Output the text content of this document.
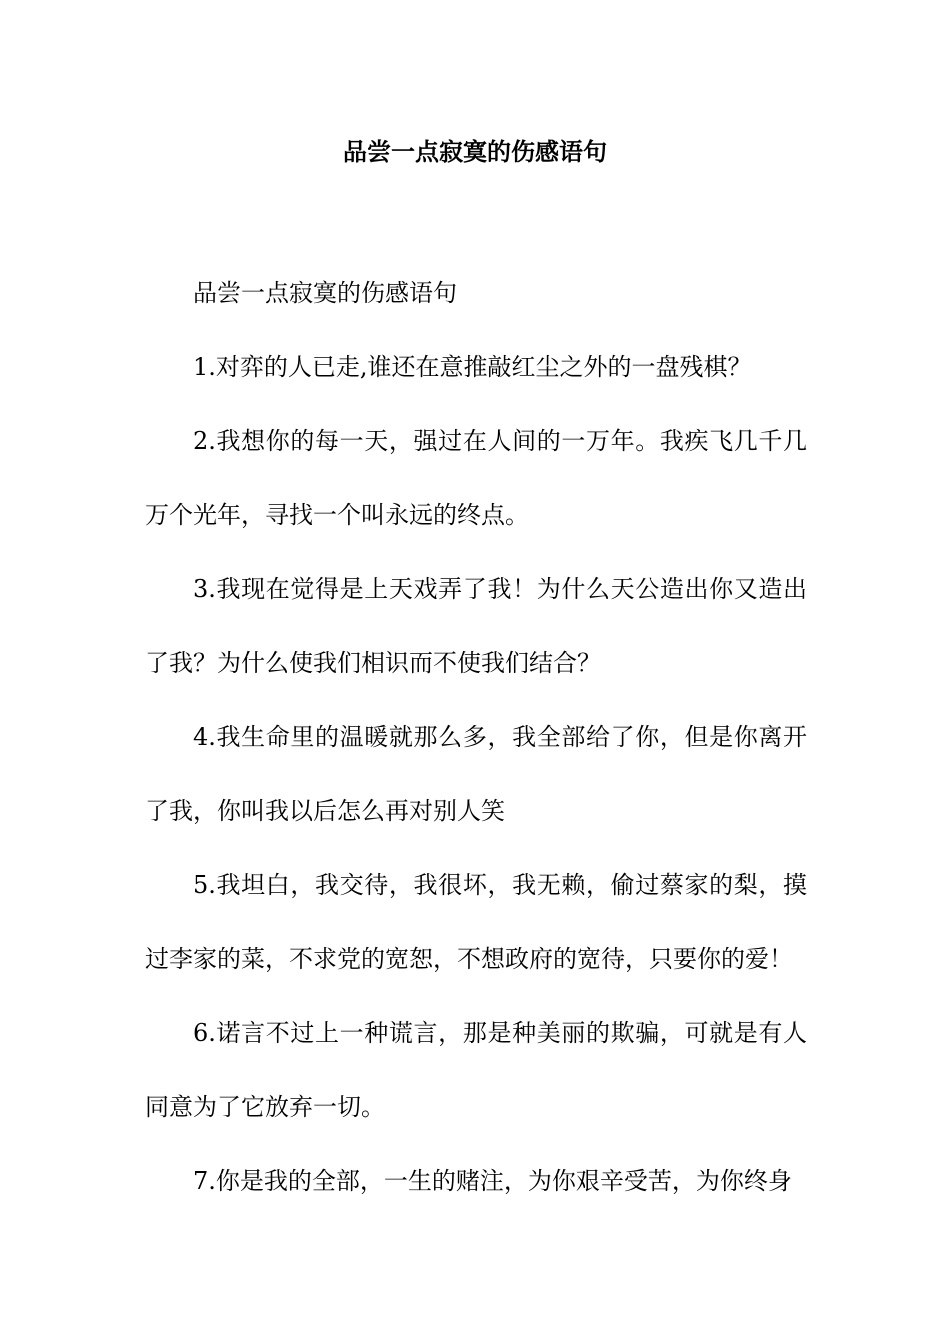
品尝一点寂寞的伤感语句

品尝一点寂寞的伤感语句

1.对弈的人已走,谁还在意推敲红尘之外的一盘残棋？

2.我想你的每一天，强过在人间的一万年。我疾飞几千几万个光年，寻找一个叫永远的终点。

3.我现在觉得是上天戏弄了我！为什么天公造出你又造出了我？为什么使我们相识而不使我们结合？

4.我生命里的温暖就那么多，我全部给了你，但是你离开了我，你叫我以后怎么再对别人笑

5.我坦白，我交待，我很坏，我无赖，偷过蔡家的梨，摸过李家的菜，不求党的宽恕，不想政府的宽待，只要你的爱！

6.诺言不过上一种谎言，那是种美丽的欺骗，可就是有人同意为了它放弃一切。

7.你是我的全部，一生的赌注，为你艰辛受苦，为你终身
